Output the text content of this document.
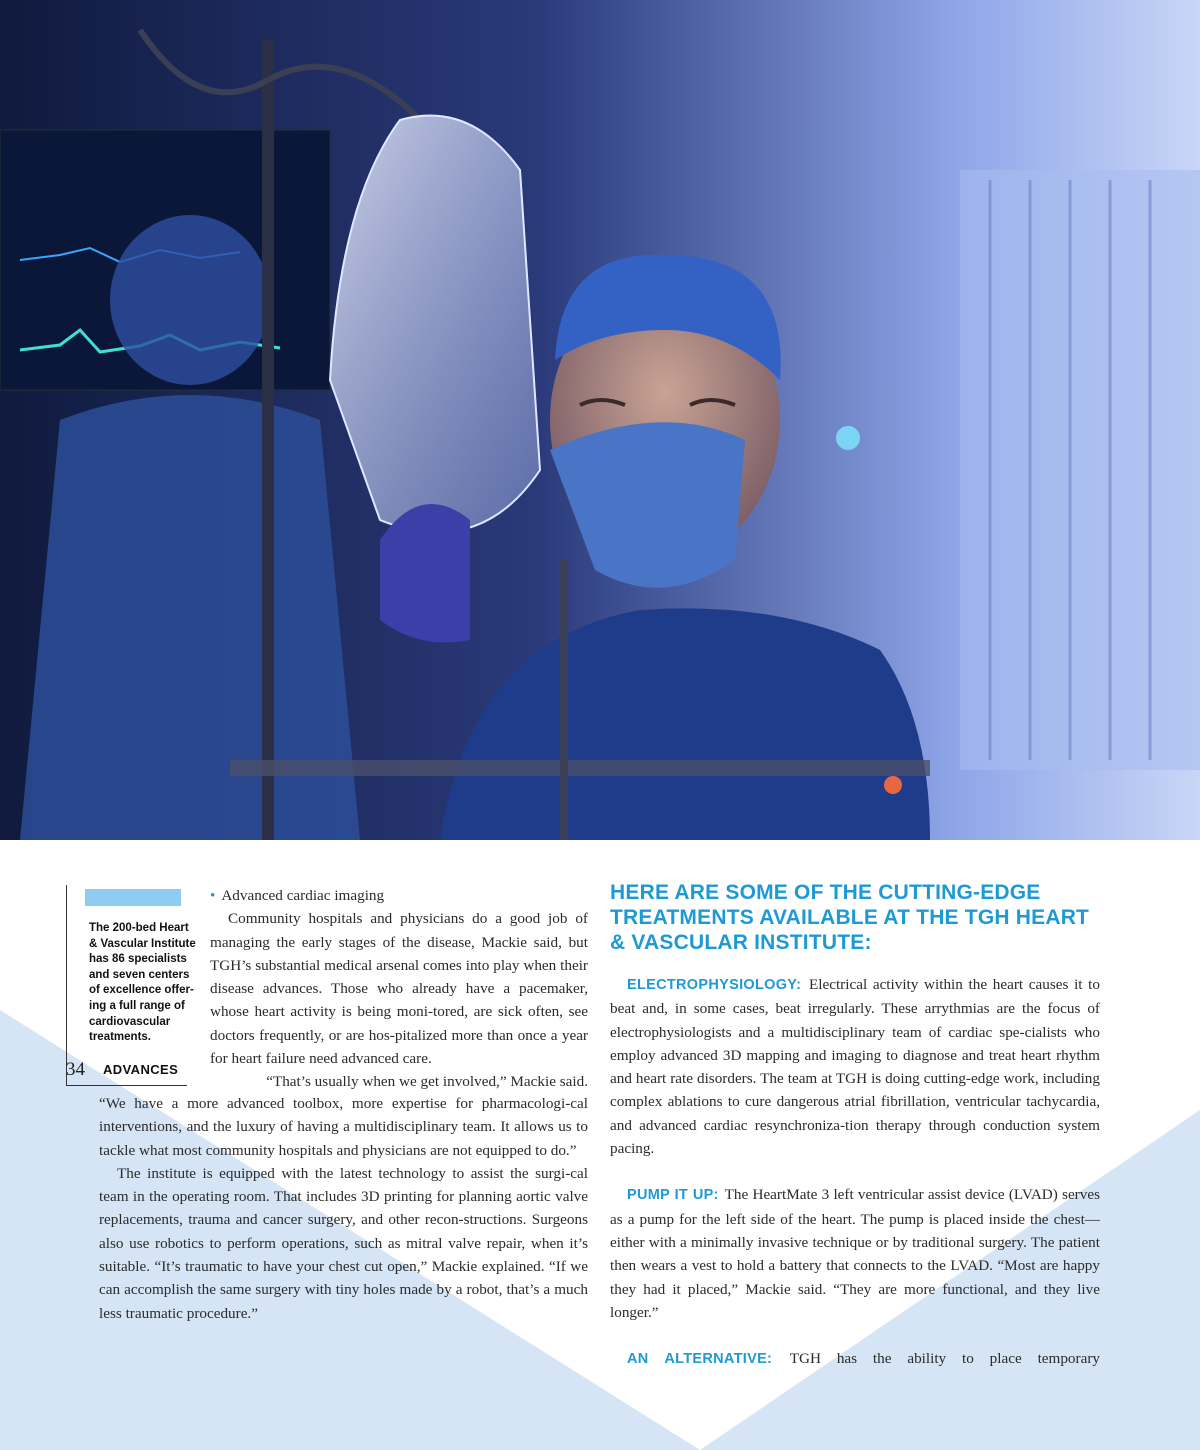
The 200-bed Heart & Vascular Institute has 86 specialists and seven centers of excellence offer-ing a full range of cardiovascular treatments.

• Advanced cardiac imaging

Community hospitals and physicians do a good job of managing the early stages of the disease, Mackie said, but TGH’s substantial medical arsenal comes into play when their disease advances. Those who already have a pacemaker, whose heart activity is being moni-tored, are sick often, see doctors frequently, or are hos-pitalized more than once a year for heart failure need advanced care.

“That’s usually when we get involved,” Mackie said.

“We have a more advanced toolbox, more expertise for pharmacologi-cal interventions, and the luxury of having a multidisciplinary team. It allows us to tackle what most community hospitals and physicians are not equipped to do.”

The institute is equipped with the latest technology to assist the surgi-cal team in the operating room. That includes 3D printing for planning aortic valve replacements, trauma and cancer surgery, and other recon-structions. Surgeons also use robotics to perform operations, such as mitral valve repair, when it’s suitable. “It’s traumatic to have your chest cut open,” Mackie explained. “If we can accomplish the same surgery with tiny holes made by a robot, that’s a much less traumatic procedure.”

HERE ARE SOME OF THE CUTTING-EDGE TREATMENTS AVAILABLE AT THE TGH HEART & VASCULAR INSTITUTE:

ELECTROPHYSIOLOGY: Electrical activity within the heart causes it to beat and, in some cases, beat irregularly. These arrythmias are the focus of electrophysiologists and a multidisciplinary team of cardiac spe-cialists who employ advanced 3D mapping and imaging to diagnose and treat heart rhythm and heart rate disorders. The team at TGH is doing cutting-edge work, including complex ablations to cure dangerous atrial fibrillation, ventricular tachycardia, and advanced cardiac resynchroniza-tion therapy through conduction system pacing.

PUMP IT UP: The HeartMate 3 left ventricular assist device (LVAD) serves as a pump for the left side of the heart. The pump is placed inside the chest—either with a minimally invasive technique or by traditional surgery. The patient then wears a vest to hold a battery that connects to the LVAD. “Most are happy they had it placed,” Mackie said. “They are more functional, and they live longer.”

AN ALTERNATIVE: TGH has the ability to place temporary

34 ADVANCES
